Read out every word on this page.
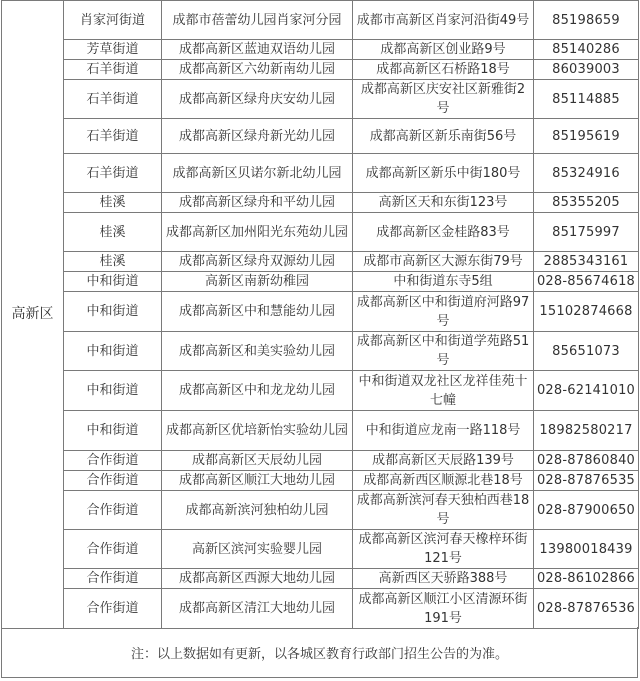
高新区	肖家河街道	成都市蓓蕾幼儿园肖家河分园	成都市高新区肖家河沿街49号	85198659
	芳草街道	成都高新区蓝迪双语幼儿园	成都高新区创业路9号	85140286
	石羊街道	成都高新区六幼新南幼儿园	成都高新区石桥路18号	86039003
	石羊街道	成都高新区绿舟庆安幼儿园	成都高新区庆安社区新雅街2号	85114885
	石羊街道	成都高新区绿舟新光幼儿园	成都高新区新乐南街56号	85195619
	石羊街道	成都高新区贝诺尔新北幼儿园	成都高新区新乐中街180号	85324916
	桂溪	成都高新区绿舟和平幼儿园	高新区天和东街123号	85355205
	桂溪	成都高新区加州阳光东苑幼儿园	成都高新区金桂路83号	85175997
	桂溪	成都高新区绿舟双源幼儿园	成都市高新区大源东街79号	2885343161
	中和街道	高新区南新幼稚园	中和街道东寺5组	028-85674618
	中和街道	成都高新区中和慧能幼儿园	成都高新区中和街道府河路97号	15102874668
	中和街道	成都高新区和美实验幼儿园	成都高新区中和街道学苑路51号	85651073
	中和街道	成都高新区中和龙龙幼儿园	中和街道双龙社区龙祥佳苑十七幢	028-62141010
	中和街道	成都高新区优培新怡实验幼儿园	中和街道应龙南一路118号	18982580217
	合作街道	成都高新区天辰幼儿园	成都高新区天辰路139号	028-87860840
	合作街道	成都高新区顺江大地幼儿园	成都高新西区顺源北巷18号	028-87876535
	合作街道	成都高新滨河独柏幼儿园	成都高新滨河春天独柏西巷18号	028-87900650
	合作街道	高新区滨河实验婴儿园	成都高新区滨河春天橡梓环街121号	13980018439
	合作街道	成都高新区西源大地幼儿园	高新西区天骄路388号	028-86102866
	合作街道	成都高新区清江大地幼儿园	成都高新区顺江小区清源环街191号	028-87876536
注：以上数据如有更新，以各城区教育行政部门招生公告的为准。
